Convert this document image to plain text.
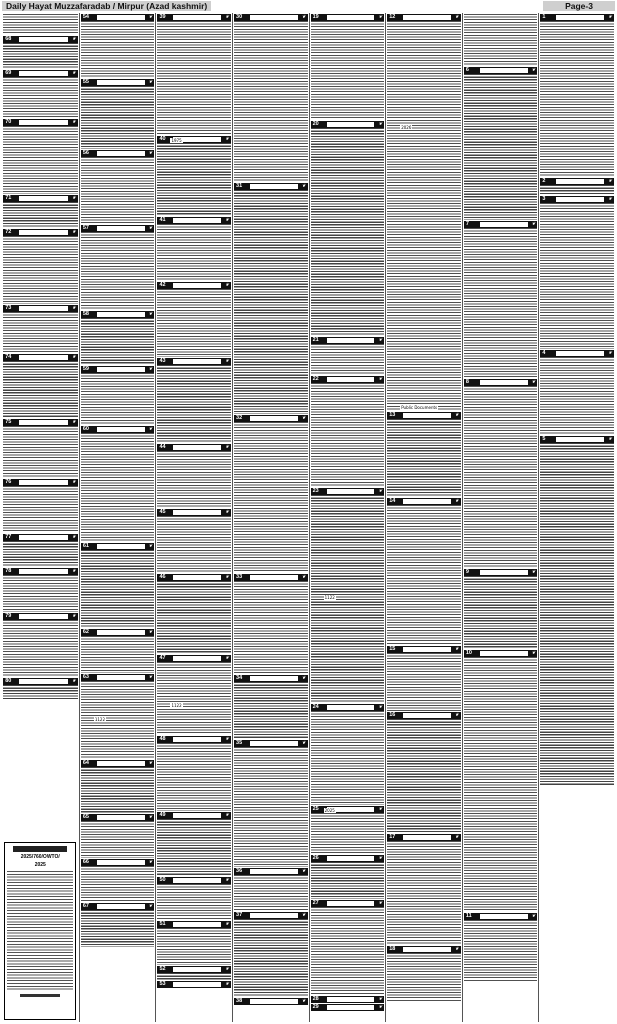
Daily Hayat Muzzafaradab / Mirpur (Azad kashmir)	Page-3
1	❦
2	❦
3	❦
4	❦
5	❦
6	❦
7	❦
8	❦
9	❦
10	❦
11	❦
12	❦
13	❦
14	❦
15	❦
16	❦
17	❦
18	❦
2026
Public Documents
19	❦
20	❦
21	❦
22	❦
23	❦
24	❦
25	❦
26	❦
27	❦
28	❦
29	❦
1122
2025
30	❦
31	❦
32	❦
33	❦
34	❦
35	❦
36	❦
37	❦
38	❦
39	❦
40	❦
41	❦
42	❦
43	❦
44	❦
45	❦
46	❦
47	❦
48	❦
49	❦
50	❦
51	❦
52	❦
53	❦
1975
1122
54	❦
55	❦
56	❦
57	❦
58	❦
59	❦
60	❦
61	❦
62	❦
63	❦
64	❦
65	❦
66	❦
67	❦
1122
68	❦
69	❦
70	❦
71	❦
72	❦
73	❦
74	❦
75	❦
76	❦
77	❦
78	❦
79	❦
80	❦
2025/760/OWTO/
2025
